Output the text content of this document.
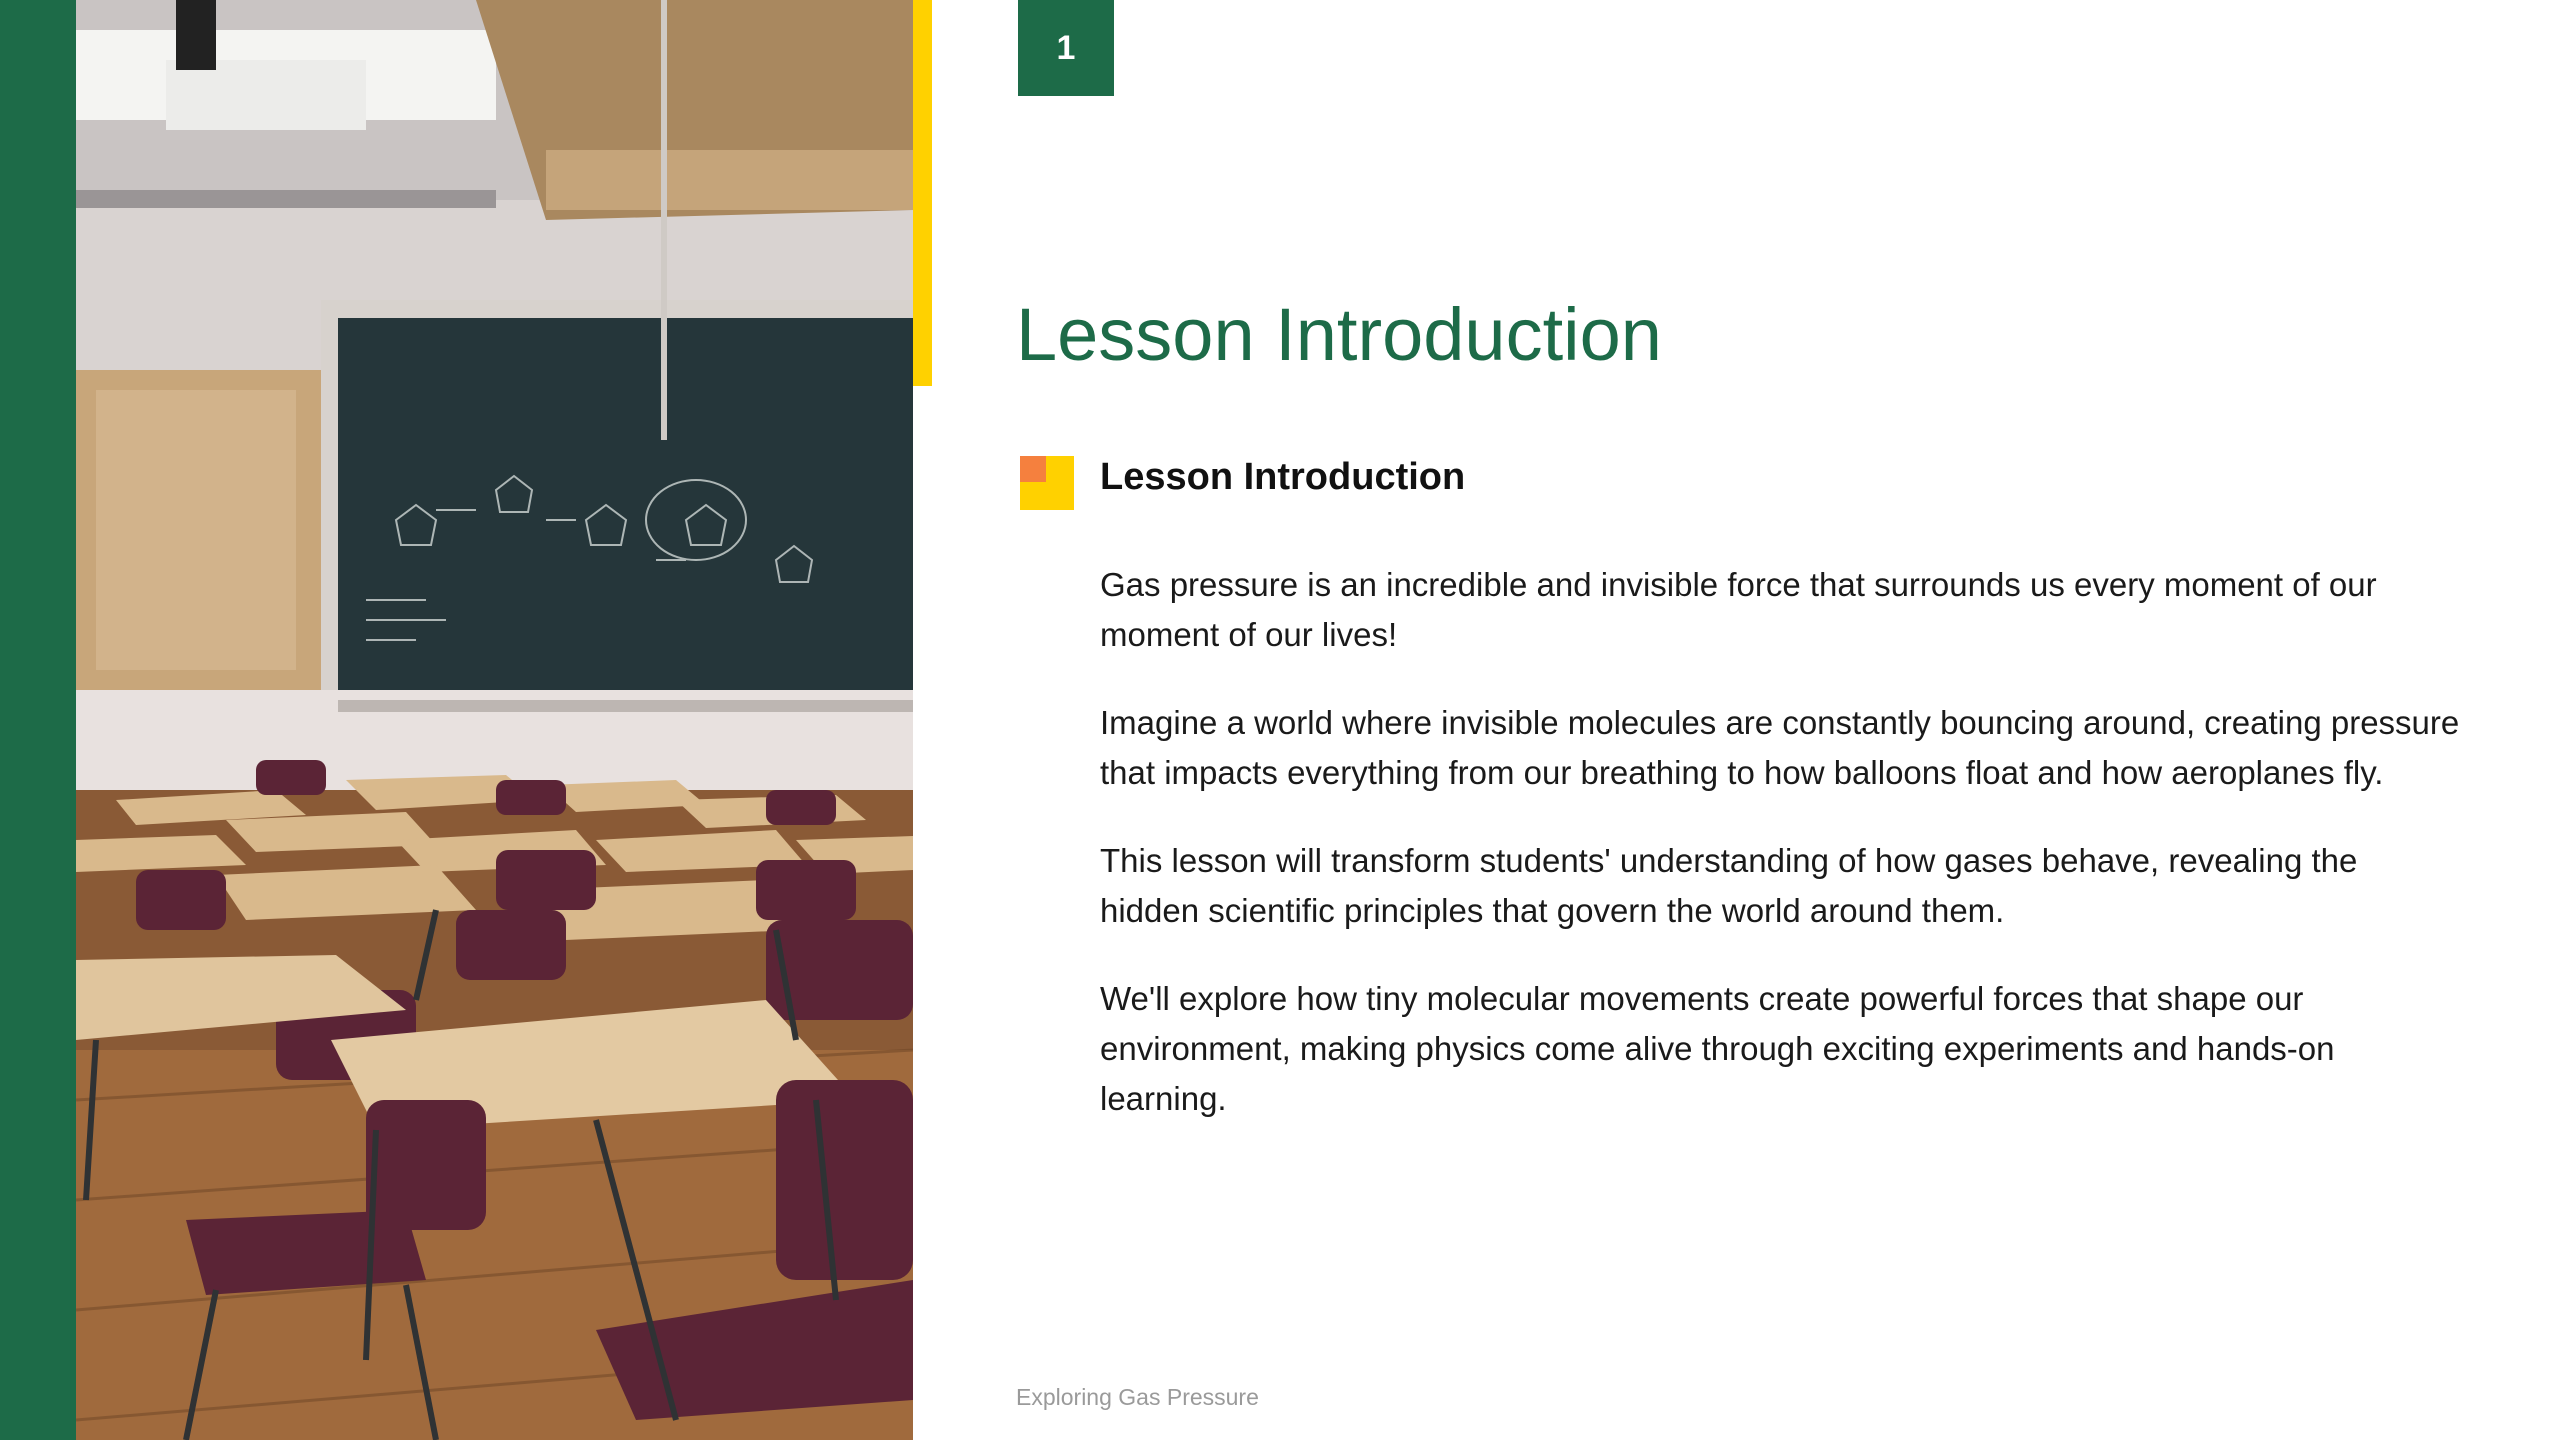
1
Lesson Introduction
Lesson Introduction

Gas pressure is an incredible and invisible force that surrounds us every moment of our moment of our lives!

Imagine a world where invisible molecules are constantly bouncing around, creating pressure that impacts everything from our breathing to how balloons float and how aeroplanes fly.

This lesson will transform students' understanding of how gases behave, revealing the hidden scientific principles that govern the world around them.

We'll explore how tiny molecular movements create powerful forces that shape our environment, making physics come alive through exciting experiments and hands-on learning.

Exploring Gas Pressure
